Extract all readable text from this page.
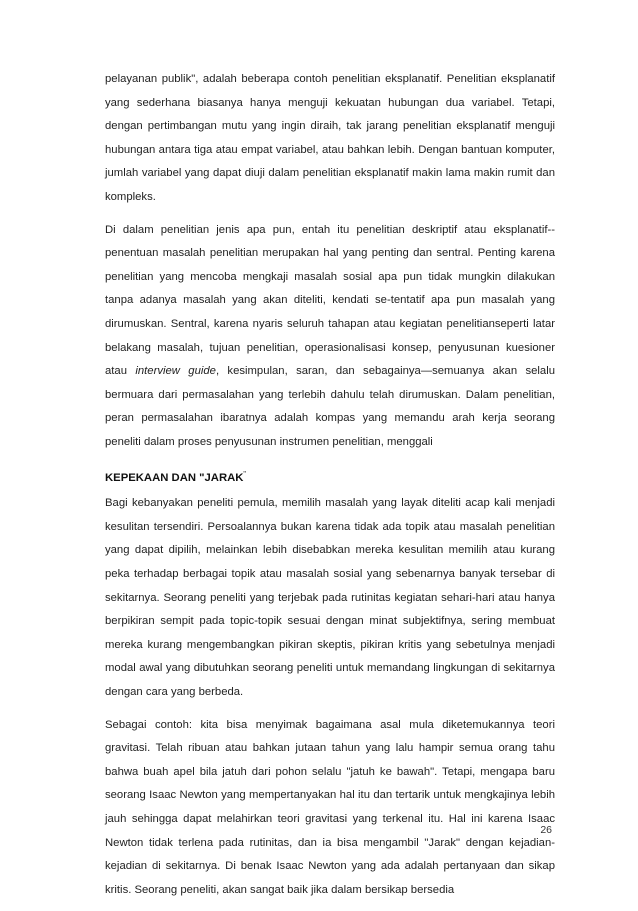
pelayanan publik", adalah beberapa contoh penelitian eksplanatif. Penelitian eksplanatif yang sederhana biasanya hanya menguji kekuatan hubungan dua variabel. Tetapi, dengan pertimbangan mutu yang ingin diraih, tak jarang penelitian eksplanatif menguji hubungan antara tiga atau empat variabel, atau bahkan lebih. Dengan bantuan komputer, jumlah variabel yang dapat diuji dalam penelitian eksplanatif makin lama makin rumit dan kompleks.

Di dalam penelitian jenis apa pun, entah itu penelitian deskriptif atau eksplanatif--penentuan masalah penelitian merupakan hal yang penting dan sentral. Penting karena penelitian yang mencoba mengkaji masalah sosial apa pun tidak mungkin dilakukan tanpa adanya masalah yang akan diteliti, kendati se-tentatif apa pun masalah yang dirumuskan. Sentral, karena nyaris seluruh tahapan atau kegiatan penelitianseperti latar belakang masalah, tujuan penelitian, operasionalisasi konsep, penyusunan kuesioner atau interview guide, kesimpulan, saran, dan sebagainya—semuanya akan selalu bermuara dari permasalahan yang terlebih dahulu telah dirumuskan. Dalam penelitian, peran permasalahan ibaratnya adalah kompas yang memandu arah kerja seorang peneliti dalam proses penyusunan instrumen penelitian, menggali

KEPEKAAN DAN "JARAK"

Bagi kebanyakan peneliti pemula, memilih masalah yang layak diteliti acap kali menjadi kesulitan tersendiri. Persoalannya bukan karena tidak ada topik atau masalah penelitian yang dapat dipilih, melainkan lebih disebabkan mereka kesulitan memilih atau kurang peka terhadap berbagai topik atau masalah sosial yang sebenarnya banyak tersebar di sekitarnya. Seorang peneliti yang terjebak pada rutinitas kegiatan sehari-hari atau hanya berpikiran sempit pada topic-topik sesuai dengan minat subjektifnya, sering membuat mereka kurang mengembangkan pikiran skeptis, pikiran kritis yang sebetulnya menjadi modal awal yang dibutuhkan seorang peneliti untuk memandang lingkungan di sekitarnya dengan cara yang berbeda.

Sebagai contoh: kita bisa menyimak bagaimana asal mula diketemukannya teori gravitasi. Telah ribuan atau bahkan jutaan tahun yang lalu hampir semua orang tahu bahwa buah apel bila jatuh dari pohon selalu "jatuh ke bawah". Tetapi, mengapa baru seorang Isaac Newton yang mempertanyakan hal itu dan tertarik untuk mengkajinya lebih jauh sehingga dapat melahirkan teori gravitasi yang terkenal itu. Hal ini karena Isaac Newton tidak terlena pada rutinitas, dan ia bisa mengambil "Jarak" dengan kejadian-kejadian di sekitarnya. Di benak Isaac Newton yang ada adalah pertanyaan dan sikap kritis. Seorang peneliti, akan sangat baik jika dalam bersikap bersedia

26
